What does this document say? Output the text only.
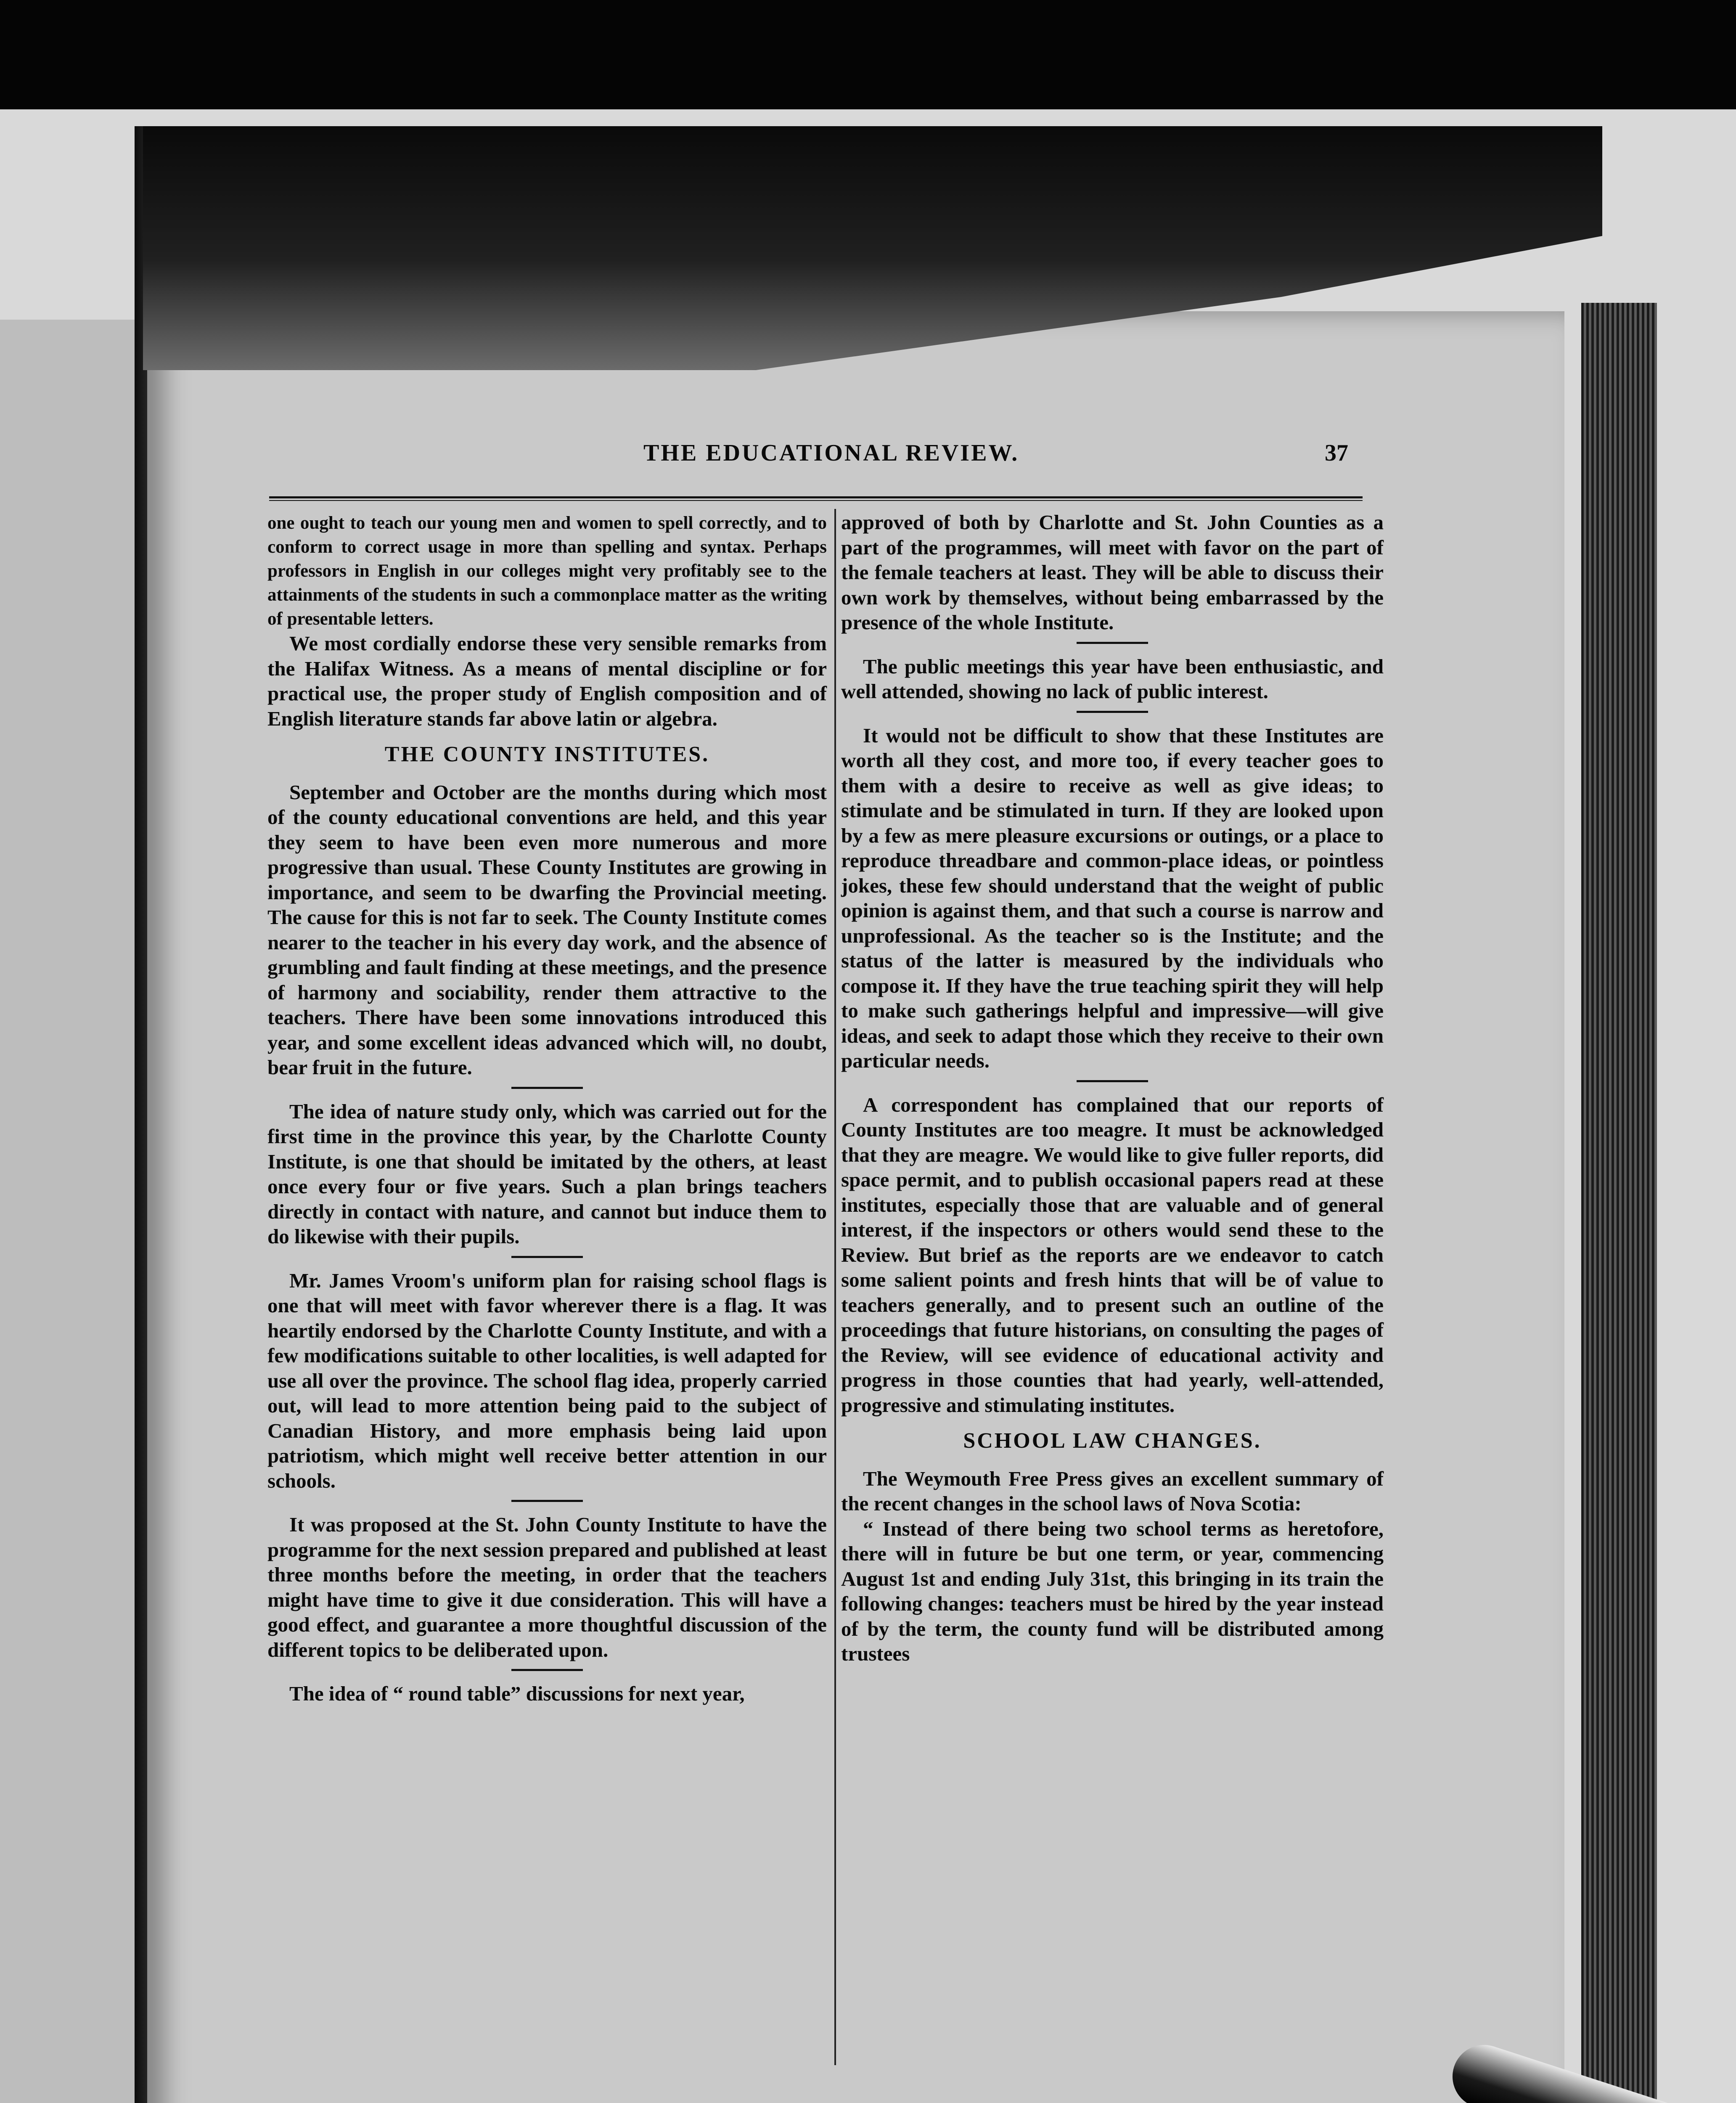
THE EDUCATIONAL REVIEW.	37

one ought to teach our young men and women to spell correctly, and to conform to correct usage in more than spelling and syntax. Perhaps professors in English in our colleges might very profitably see to the attainments of the students in such a commonplace matter as the writing of presentable letters.

We most cordially endorse these very sensible remarks from the Halifax Witness. As a means of mental discipline or for practical use, the proper study of English composition and of English literature stands far above latin or algebra.

THE COUNTY INSTITUTES.

September and October are the months during which most of the county educational conventions are held, and this year they seem to have been even more numerous and more progressive than usual. These County Institutes are growing in importance, and seem to be dwarfing the Provincial meeting. The cause for this is not far to seek. The County Institute comes nearer to the teacher in his every day work, and the absence of grumbling and fault finding at these meetings, and the presence of harmony and sociability, render them attractive to the teachers. There have been some innovations introduced this year, and some excellent ideas advanced which will, no doubt, bear fruit in the future.

The idea of nature study only, which was carried out for the first time in the province this year, by the Charlotte County Institute, is one that should be imitated by the others, at least once every four or five years. Such a plan brings teachers directly in contact with nature, and cannot but induce them to do likewise with their pupils.

Mr. James Vroom's uniform plan for raising school flags is one that will meet with favor wherever there is a flag. It was heartily endorsed by the Charlotte County Institute, and with a few modifications suitable to other localities, is well adapted for use all over the province. The school flag idea, properly carried out, will lead to more attention being paid to the subject of Canadian History, and more emphasis being laid upon patriotism, which might well receive better attention in our schools.

It was proposed at the St. John County Institute to have the programme for the next session prepared and published at least three months before the meeting, in order that the teachers might have time to give it due consideration. This will have a good effect, and guarantee a more thoughtful discussion of the different topics to be deliberated upon.

The idea of “ round table” discussions for next year,

approved of both by Charlotte and St. John Counties as a part of the programmes, will meet with favor on the part of the female teachers at least. They will be able to discuss their own work by themselves, without being embarrassed by the presence of the whole Institute.

The public meetings this year have been enthusiastic, and well attended, showing no lack of public interest.

It would not be difficult to show that these Institutes are worth all they cost, and more too, if every teacher goes to them with a desire to receive as well as give ideas; to stimulate and be stimulated in turn. If they are looked upon by a few as mere pleasure excursions or outings, or a place to reproduce threadbare and common-place ideas, or pointless jokes, these few should understand that the weight of public opinion is against them, and that such a course is narrow and unprofessional. As the teacher so is the Institute; and the status of the latter is measured by the individuals who compose it. If they have the true teaching spirit they will help to make such gatherings helpful and impressive—will give ideas, and seek to adapt those which they receive to their own particular needs.

A correspondent has complained that our reports of County Institutes are too meagre. It must be acknowledged that they are meagre. We would like to give fuller reports, did space permit, and to publish occasional papers read at these institutes, especially those that are valuable and of general interest, if the inspectors or others would send these to the Review. But brief as the reports are we endeavor to catch some salient points and fresh hints that will be of value to teachers generally, and to present such an outline of the proceedings that future historians, on consulting the pages of the Review, will see evidence of educational activity and progress in those counties that had yearly, well-attended, progressive and stimulating institutes.

SCHOOL LAW CHANGES.

The Weymouth Free Press gives an excellent summary of the recent changes in the school laws of Nova Scotia:

“ Instead of there being two school terms as heretofore, there will in future be but one term, or year, commencing August 1st and ending July 31st, this bringing in its train the following changes: teachers must be hired by the year instead of by the term, the county fund will be distributed among trustees
